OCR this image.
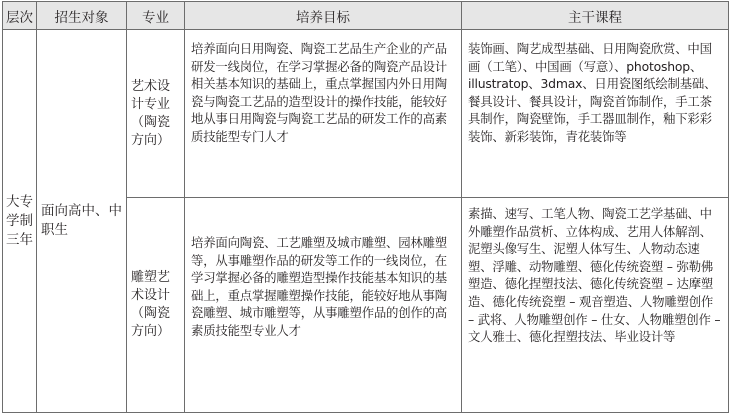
层次	招生对象	专业	培养目标	主干课程
大专学制三年	面向高中、中职生	艺术设计专业（陶瓷方向）	培养面向日用陶瓷、陶瓷工艺品生产企业的产品研发一线岗位，在学习掌握必备的陶瓷产品设计相关基本知识的基础上，重点掌握国内外日用陶瓷与陶瓷工艺品的造型设计的操作技能，能较好地从事日用陶瓷与陶瓷工艺品的研发工作的高素质技能型专门人才	装饰画、陶艺成型基础、日用陶瓷欣赏、中国画（工笔）、中国画（写意）、photoshop、illustratop、3dmax、日用瓷图纸绘制基础、餐具设计、餐具设计，陶瓷首饰制作，手工茶具制作，陶瓷壁饰，手工器皿制作，釉下彩彩装饰、新彩装饰，青花装饰等
		雕塑艺术设计（陶瓷方向）	培养面向陶瓷、工艺雕塑及城市雕塑、园林雕塑等，从事雕塑作品的研发等工作的一线岗位，在学习掌握必备的雕塑造型操作技能基本知识的基础上，重点掌握雕塑操作技能，能较好地从事陶瓷雕塑、城市雕塑等，从事雕塑作品的创作的高素质技能型专业人才	素描、速写、工笔人物、陶瓷工艺学基础、中外雕塑作品赏析、立体构成、艺用人体解剖、泥塑头像写生、泥塑人体写生、人物动态速塑、浮雕、动物雕塑、德化传统瓷塑 – 弥勒佛塑造、德化捏塑技法、德化传统瓷塑 – 达摩塑造、德化传统瓷塑 – 观音塑造、人物雕塑创作 – 武将、人物雕塑创作 – 仕女、人物雕塑创作 – 文人雅士、德化捏塑技法、毕业设计等
